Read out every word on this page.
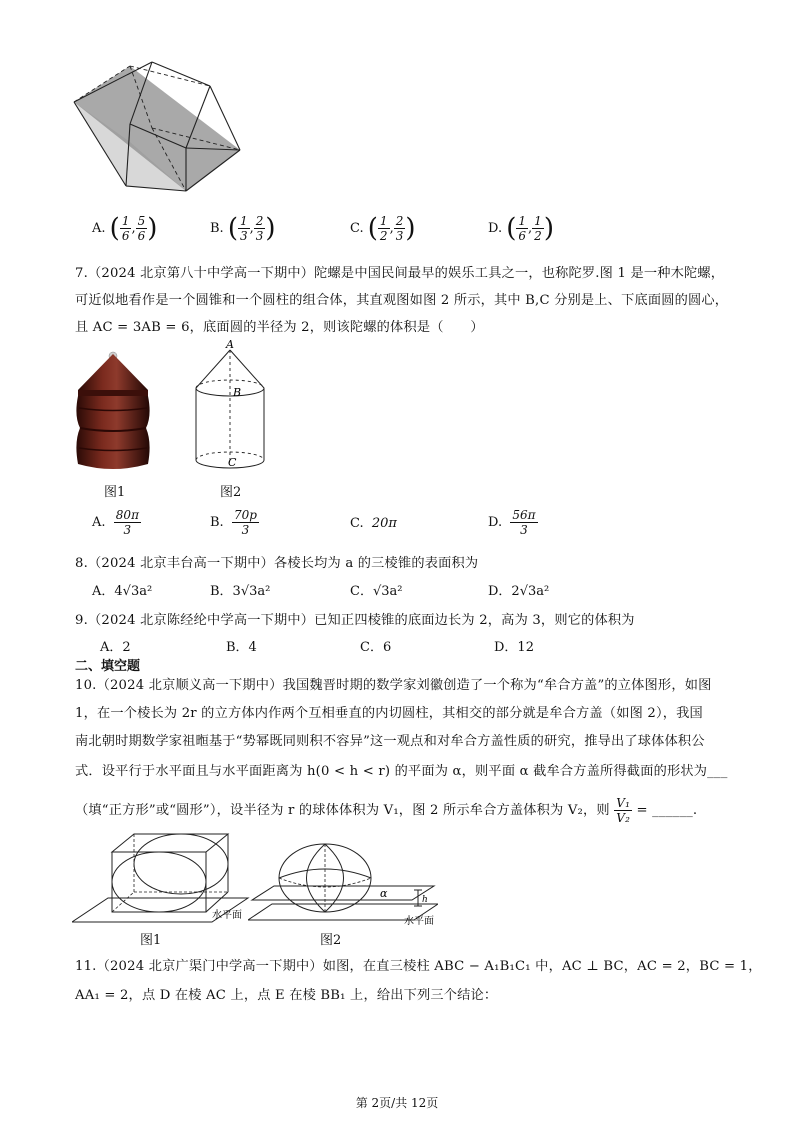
A. ( $\frac{1}{6}$ , $\frac{5}{6}$ )	B. ( $\frac{1}{3}$ , $\frac{2}{3}$ )	C. ( $\frac{1}{2}$ , $\frac{2}{3}$ )	D. ( $\frac{1}{6}$ , $\frac{1}{2}$ )
7.（2024 北京第八十中学高一下期中）陀螺是中国民间最早的娱乐工具之一，也称陀罗.图 1 是一种木陀螺，
可近似地看作是一个圆锥和一个圆柱的组合体，其直观图如图 2 所示，其中 B,C 分别是上、下底面圆的圆心，
且 AC = 3AB = 6，底面圆的半径为 2，则该陀螺的体积是（　　）
图1
A
B
C
图2
A. $\frac{80\pi}{3}$	B. $\frac{70p}{3}$	C. 20π	D. $\frac{56\pi}{3}$
8.（2024 北京丰台高一下期中）各棱长均为 a 的三棱锥的表面积为
A．4√3a²	B．3√3a²	C．√3a²	D．2√3a²
9.（2024 北京陈经纶中学高一下期中）已知正四棱锥的底面边长为 2，高为 3，则它的体积为
A．2	B．4	C．6	D．12
二、填空题
10.（2024 北京顺义高一下期中）我国魏晋时期的数学家刘徽创造了一个称为“牟合方盖”的立体图形，如图
1，在一个棱长为 2r 的立方体内作两个互相垂直的内切圆柱，其相交的部分就是牟合方盖（如图 2），我国
南北朝时期数学家祖暅基于“势幂既同则积不容异”这一观点和对牟合方盖性质的研究，推导出了球体体积公
式．设平行于水平面且与水平面距离为 h(0 < h < r) 的平面为 α，则平面 α 截牟合方盖所得截面的形状为___
（填“正方形”或“圆形”），设半径为 r 的球体体积为 V₁，图 2 所示牟合方盖体积为 V₂，则 $\frac{\text{V₁}}{\text{V₂}}$ = ______.
水平面
图1
α	h
水平面
图2
11.（2024 北京广渠门中学高一下期中）如图，在直三棱柱 ABC − A₁B₁C₁ 中，AC ⊥ BC，AC = 2，BC = 1，
AA₁ = 2，点 D 在棱 AC 上，点 E 在棱 BB₁ 上，给出下列三个结论：
第 2页/共 12页
